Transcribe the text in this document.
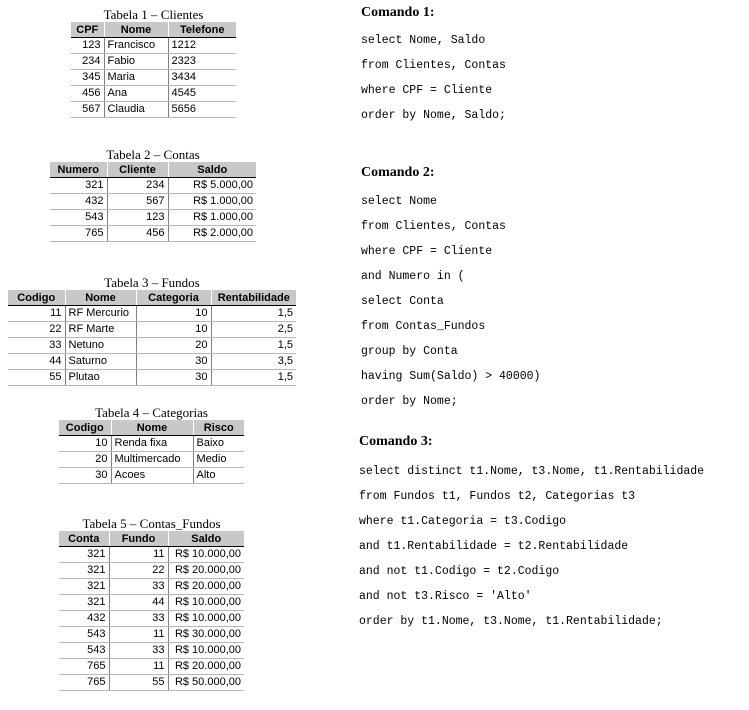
Tabela 1 – Clientes
CPF	Nome	Telefone
123	Francisco	1212
234	Fabio	2323
345	Maria	3434
456	Ana	4545
567	Claudia	5656
Tabela 2 – Contas
Numero	Cliente	Saldo
321	234	R$ 5.000,00
432	567	R$ 1.000,00
543	123	R$ 1.000,00
765	456	R$ 2.000,00
Tabela 3 – Fundos
Codigo	Nome	Categoria	Rentabilidade
11	RF Mercurio	10	1,5
22	RF Marte	10	2,5
33	Netuno	20	1,5
44	Saturno	30	3,5
55	Plutao	30	1,5
Tabela 4 – Categorias
Codigo	Nome	Risco
10	Renda fixa	Baixo
20	Multimercado	Medio
30	Acoes	Alto
Tabela 5 – Contas_Fundos
Conta	Fundo	Saldo
321	11	R$ 10.000,00
321	22	R$ 20.000,00
321	33	R$ 20.000,00
321	44	R$ 10.000,00
432	33	R$ 10.000,00
543	11	R$ 30.000,00
543	33	R$ 10.000,00
765	11	R$ 20.000,00
765	55	R$ 50.000,00
Comando 1:
select Nome, Saldo
from Clientes, Contas
where CPF = Cliente
order by Nome, Saldo;
Comando 2:
select Nome
from Clientes, Contas
where CPF = Cliente
and Numero in (
select Conta
from Contas_Fundos
group by Conta
having Sum(Saldo) > 40000)
order by Nome;
Comando 3:
select distinct t1.Nome, t3.Nome, t1.Rentabilidade
from Fundos t1, Fundos t2, Categorias t3
where t1.Categoria = t3.Codigo
and t1.Rentabilidade = t2.Rentabilidade
and not t1.Codigo = t2.Codigo
and not t3.Risco = 'Alto'
order by t1.Nome, t3.Nome, t1.Rentabilidade;
